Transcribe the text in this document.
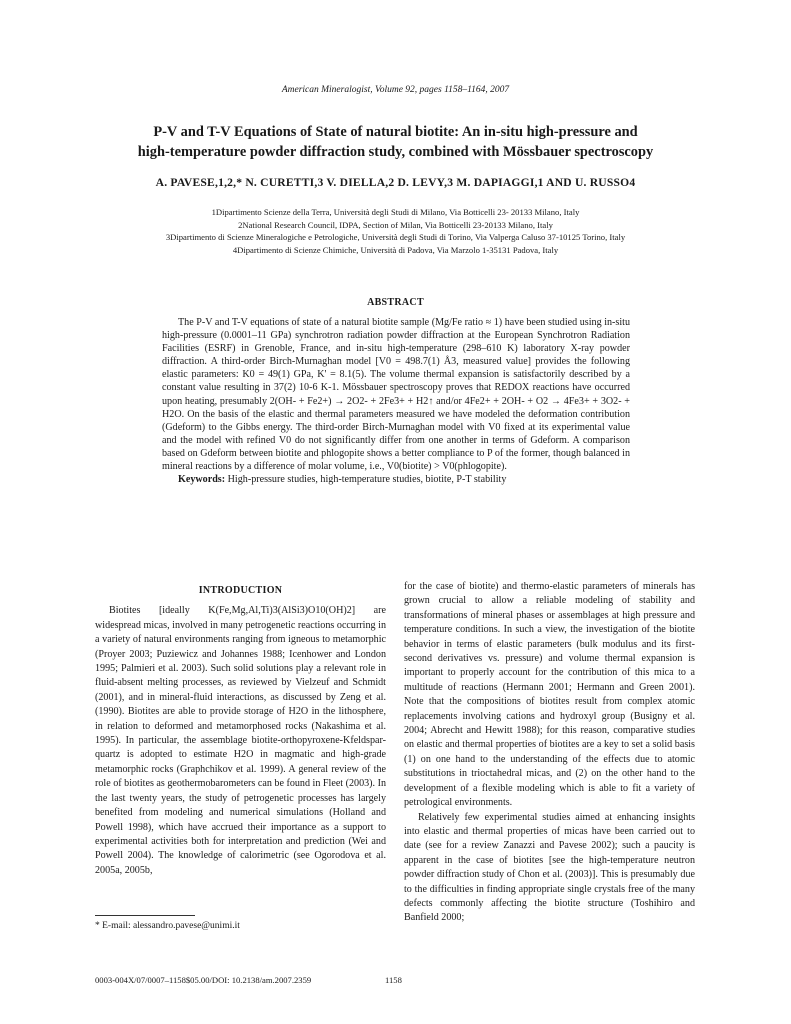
American Mineralogist, Volume 92, pages 1158–1164, 2007
P-V and T-V Equations of State of natural biotite: An in-situ high-pressure and
high-temperature powder diffraction study, combined with Mössbauer spectroscopy
A. PAVESE,1,2,* N. CURETTI,3 V. DIELLA,2 D. LEVY,3 M. DAPIAGGI,1 AND U. RUSSO4
1Dipartimento Scienze della Terra, Università degli Studi di Milano, Via Botticelli 23- 20133 Milano, Italy
2National Research Council, IDPA, Section of Milan, Via Botticelli 23-20133 Milano, Italy
3Dipartimento di Scienze Mineralogiche e Petrologiche, Università degli Studi di Torino, Via Valperga Caluso 37-10125 Torino, Italy
4Dipartimento di Scienze Chimiche, Università di Padova, Via Marzolo 1-35131 Padova, Italy
ABSTRACT

The P-V and T-V equations of state of a natural biotite sample (Mg/Fe ratio ≈ 1) have been studied using in-situ high-pressure (0.0001–11 GPa) synchrotron radiation powder diffraction at the European Synchrotron Radiation Facilities (ESRF) in Grenoble, France, and in-situ high-temperature (298–610 K) laboratory X-ray powder diffraction. A third-order Birch-Murnaghan model [V0 = 498.7(1) Å3, measured value] provides the following elastic parameters: K0 = 49(1) GPa, K' = 8.1(5). The volume thermal expansion is satisfactorily described by a constant value resulting in 37(2) 10-6 K-1. Mössbauer spectroscopy proves that REDOX reactions have occurred upon heating, presumably 2(OH- + Fe2+) → 2O2- + 2Fe3+ + H2↑ and/or 4Fe2+ + 2OH- + O2 → 4Fe3+ + 3O2- + H2O. On the basis of the elastic and thermal parameters measured we have modeled the deformation contribution (Gdeform) to the Gibbs energy. The third-order Birch-Murnaghan model with V0 fixed at its experimental value and the model with refined V0 do not significantly differ from one another in terms of Gdeform. A comparison based on Gdeform between biotite and phlogopite shows a better compliance to P of the former, though balanced in mineral reactions by a difference of molar volume, i.e., V0(biotite) > V0(phlogopite).

Keywords: High-pressure studies, high-temperature studies, biotite, P-T stability

INTRODUCTION

Biotites [ideally K(Fe,Mg,Al,Ti)3(AlSi3)O10(OH)2] are widespread micas, involved in many petrogenetic reactions occurring in a variety of natural environments ranging from igneous to metamorphic (Proyer 2003; Puziewicz and Johannes 1988; Icenhower and London 1995; Palmieri et al. 2003). Such solid solutions play a relevant role in fluid-absent melting processes, as reviewed by Vielzeuf and Schmidt (2001), and in mineral-fluid interactions, as discussed by Zeng et al. (1990). Biotites are able to provide storage of H2O in the lithosphere, in relation to deformed and metamorphosed rocks (Nakashima et al. 1995). In particular, the assemblage biotite-orthopyroxene-Kfeldspar-quartz is adopted to estimate H2O in magmatic and high-grade metamorphic rocks (Graphchikov et al. 1999). A general review of the role of biotites as geothermobarometers can be found in Fleet (2003). In the last twenty years, the study of petrogenetic processes has largely benefited from modeling and numerical simulations (Holland and Powell 1998), which have accrued their importance as a support to experimental activities both for interpretation and prediction (Wei and Powell 2004). The knowledge of calorimetric (see Ogorodova et al. 2005a, 2005b,

for the case of biotite) and thermo-elastic parameters of minerals has grown crucial to allow a reliable modeling of stability and transformations of mineral phases or assemblages at high pressure and temperature conditions. In such a view, the investigation of the biotite behavior in terms of elastic parameters (bulk modulus and its first-second derivatives vs. pressure) and volume thermal expansion is important to properly account for the contribution of this mica to a multitude of reactions (Hermann 2001; Hermann and Green 2001). Note that the compositions of biotites result from complex atomic replacements involving cations and hydroxyl group (Busigny et al. 2004; Abrecht and Hewitt 1988); for this reason, comparative studies on elastic and thermal properties of biotites are a key to set a solid basis (1) on one hand to the understanding of the effects due to atomic substitutions in trioctahedral micas, and (2) on the other hand to the development of a flexible modeling which is able to fit a variety of petrological environments.

Relatively few experimental studies aimed at enhancing insights into elastic and thermal properties of micas have been carried out to date (see for a review Zanazzi and Pavese 2002); such a paucity is apparent in the case of biotites [see the high-temperature neutron powder diffraction study of Chon et al. (2003)]. This is presumably due to the difficulties in finding appropriate single crystals free of the many defects commonly affecting the biotite structure (Toshihiro and Banfield 2000;

* E-mail: alessandro.pavese@unimi.it
0003-004X/07/0007–1158$05.00/DOI: 10.2138/am.2007.2359	1158
